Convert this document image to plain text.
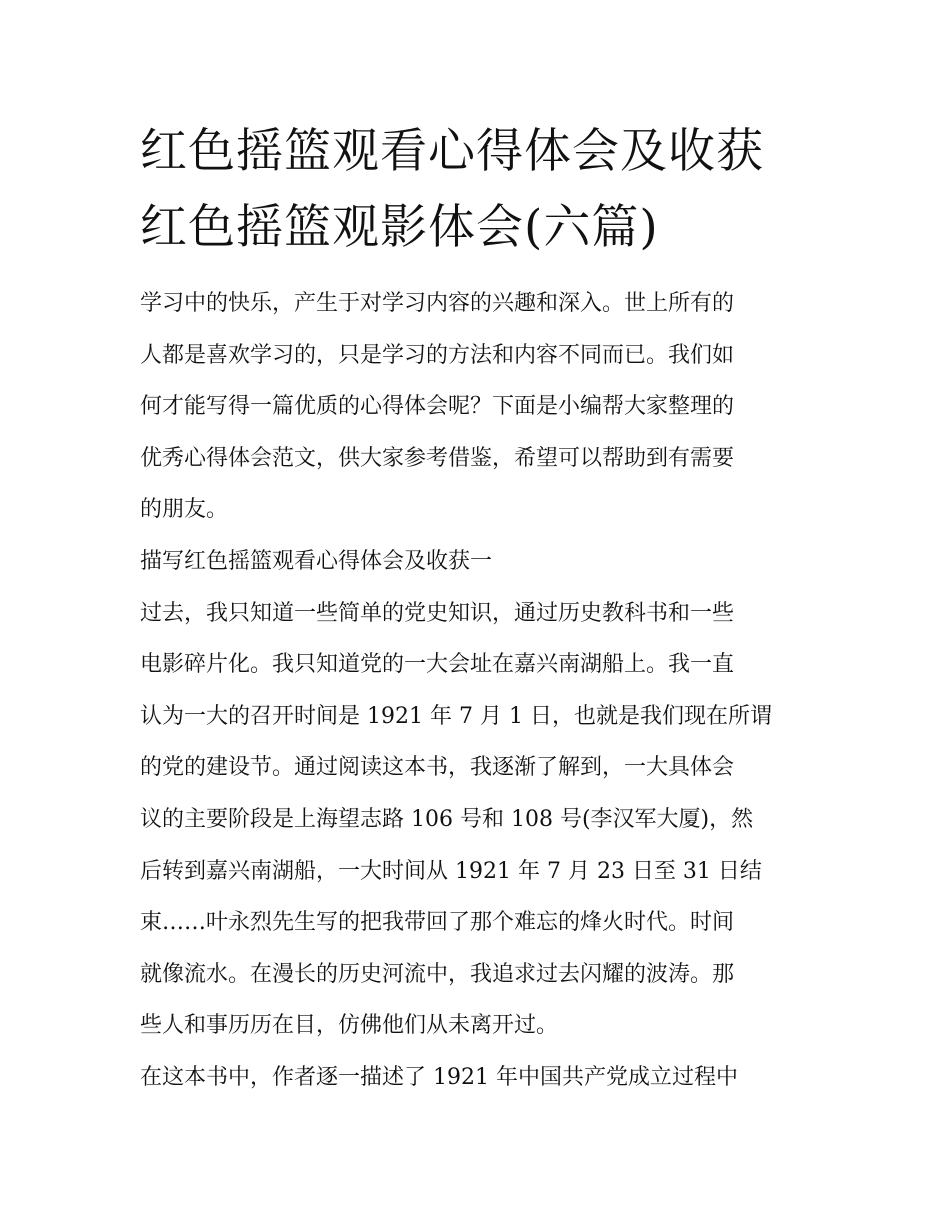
红色摇篮观看心得体会及收获
红色摇篮观影体会(六篇)
学习中的快乐，产生于对学习内容的兴趣和深入。世上所有的
人都是喜欢学习的，只是学习的方法和内容不同而已。我们如
何才能写得一篇优质的心得体会呢？下面是小编帮大家整理的
优秀心得体会范文，供大家参考借鉴，希望可以帮助到有需要
的朋友。
描写红色摇篮观看心得体会及收获一
过去，我只知道一些简单的党史知识，通过历史教科书和一些
电影碎片化。我只知道党的一大会址在嘉兴南湖船上。我一直
认为一大的召开时间是 1921 年 7 月 1 日，也就是我们现在所谓
的党的建设节。通过阅读这本书，我逐渐了解到，一大具体会
议的主要阶段是上海望志路 106 号和 108 号(李汉军大厦)，然
后转到嘉兴南湖船，一大时间从 1921 年 7 月 23 日至 31 日结
束……叶永烈先生写的把我带回了那个难忘的烽火时代。时间
就像流水。在漫长的历史河流中，我追求过去闪耀的波涛。那
些人和事历历在目，仿佛他们从未离开过。
在这本书中，作者逐一描述了 1921 年中国共产党成立过程中
